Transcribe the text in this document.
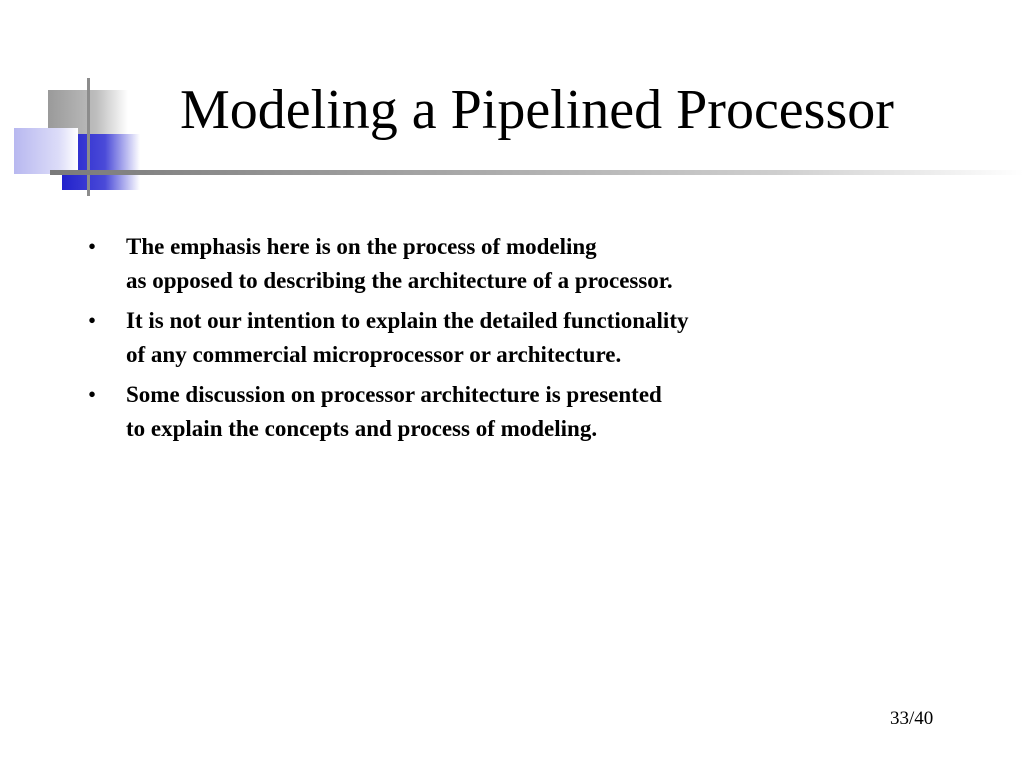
Modeling a Pipelined Processor
• The emphasis here is on the process of modeling
as opposed to describing the architecture of a processor.
• It is not our intention to explain the detailed functionality
of any commercial microprocessor or architecture.
• Some discussion on processor architecture is presented
to explain the concepts and process of modeling.
33/40
